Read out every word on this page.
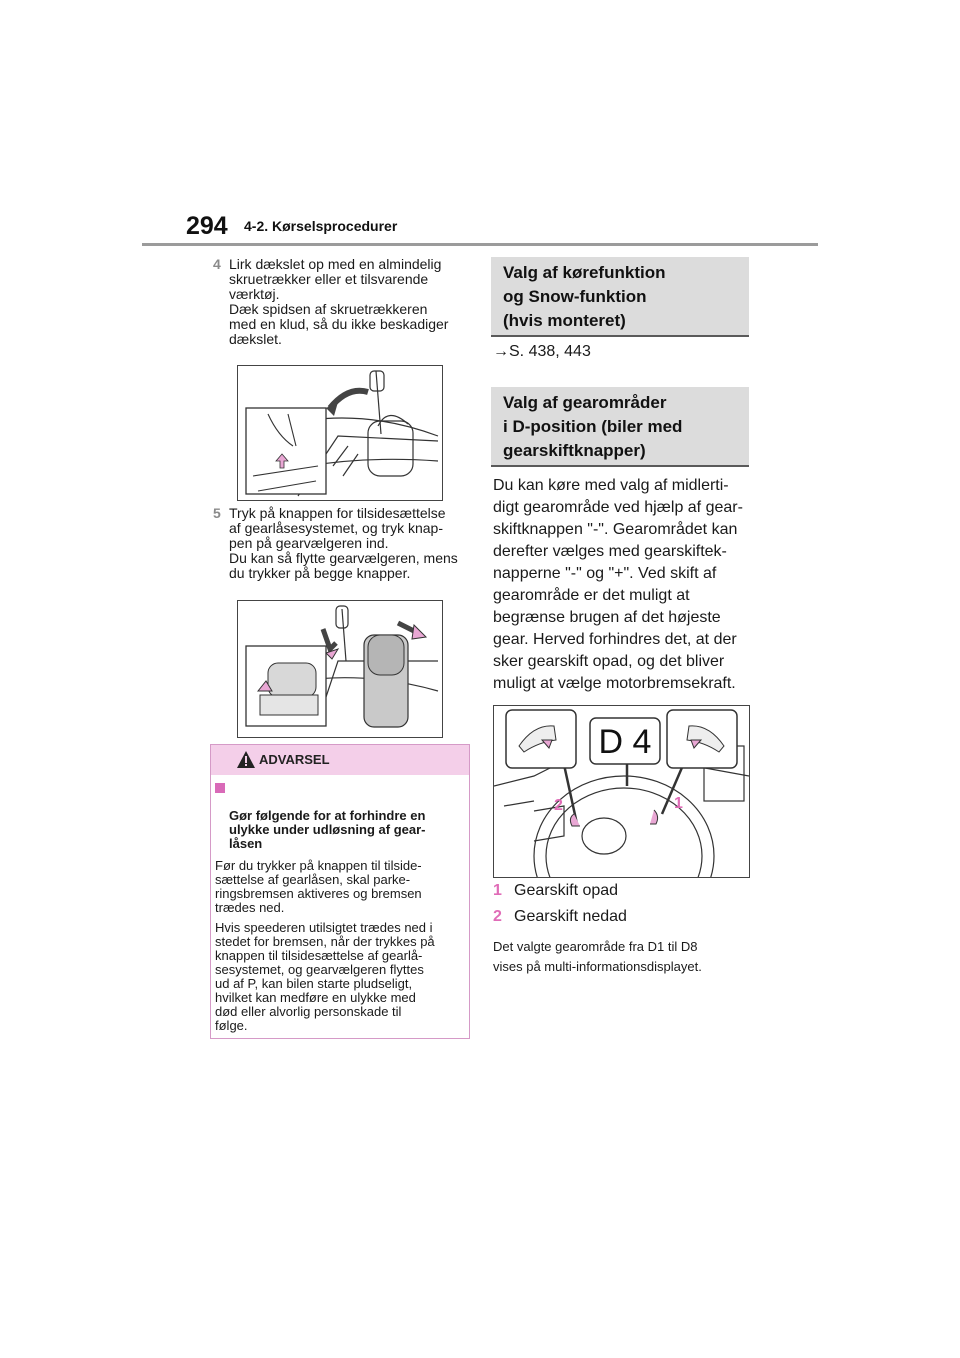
294 4-2. Kørselsprocedurer
4 Lirk dækslet op med en almindelig
skruetrækker eller et tilsvarende
værktøj.
Dæk spidsen af skruetrækkeren
med en klud, så du ikke beskadiger
dækslet.
5 Tryk på knappen for tilsidesættelse
af gearlåsesystemet, og tryk knap-
pen på gearvælgeren ind.
Du kan så flytte gearvælgeren, mens
du trykker på begge knapper.
ADVARSEL

Gør følgende for at forhindre en
ulykke under udløsning af gear-
låsen

Før du trykker på knappen til tilside-
sættelse af gearlåsen, skal parke-
ringsbremsen aktiveres og bremsen
trædes ned.

Hvis speederen utilsigtet trædes ned i
stedet for bremsen, når der trykkes på
knappen til tilsidesættelse af gearlå-
sesystemet, og gearvælgeren flyttes
ud af P, kan bilen starte pludseligt,
hvilket kan medføre en ulykke med
død eller alvorlig personskade til
følge.

Valg af kørefunktion
og Snow-funktion
(hvis monteret)
→S. 438, 443
Valg af gearområder
i D-position (biler med
gearskiftknapper)
Du kan køre med valg af midlerti-
digt gearområde ved hjælp af gear-
skiftknappen "-". Gearområdet kan
derefter vælges med gearskiftek-
napperne "-" og "+". Ved skift af
gearområde er det muligt at
begrænse brugen af det højeste
gear. Herved forhindres det, at der
sker gearskift opad, og det bliver
muligt at vælge motorbremsekraft.
D 4
2	1
1 Gearskift opad
2 Gearskift nedad
Det valgte gearområde fra D1 til D8
vises på multi-informationsdisplayet.
